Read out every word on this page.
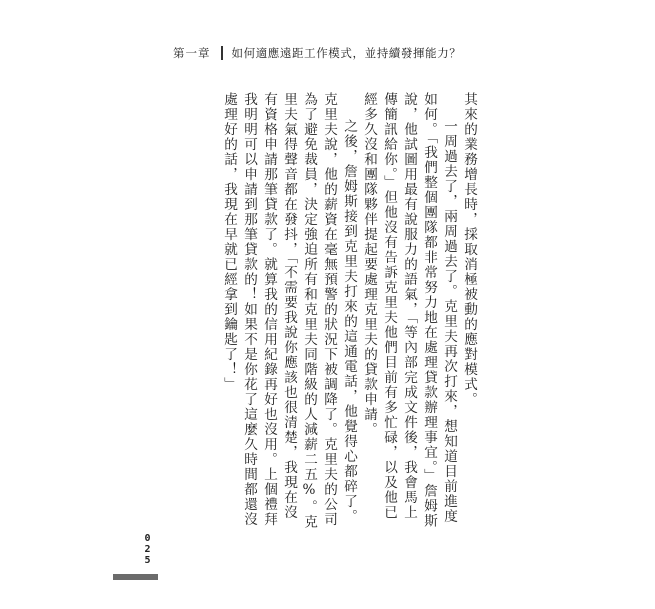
第一章 如何適應遠距工作模式，並持續發揮能力？

其來的業務增長時，採取消極被動的應對模式。

一周過去了，兩周過去了。克里夫再次打來，想知道目前進度如何。「我們整個團隊都非常努力地在處理貸款辦理事宜。」詹姆斯說，他試圖用最有說服力的語氣，「等內部完成文件後，我會馬上傳簡訊給你。」但他沒有告訴克里夫他們目前有多忙碌，以及他已經多久沒和團隊夥伴提起要處理克里夫的貸款申請。

之後，詹姆斯接到克里夫打來的這通電話，他覺得心都碎了。克里夫說，他的薪資在毫無預警的狀況下被調降了。克里夫的公司為了避免裁員，決定強迫所有和克里夫同階級的人減薪二五%。克里夫氣得聲音都在發抖，「不需要我說你應該也很清楚，我現在沒有資格申請那筆貸款了。就算我的信用紀錄再好也沒用。上個禮拜我明明可以申請到那筆貸款的！如果不是你花了這麼久時間都還沒處理好的話，我現在早就已經拿到鑰匙了！」

025
